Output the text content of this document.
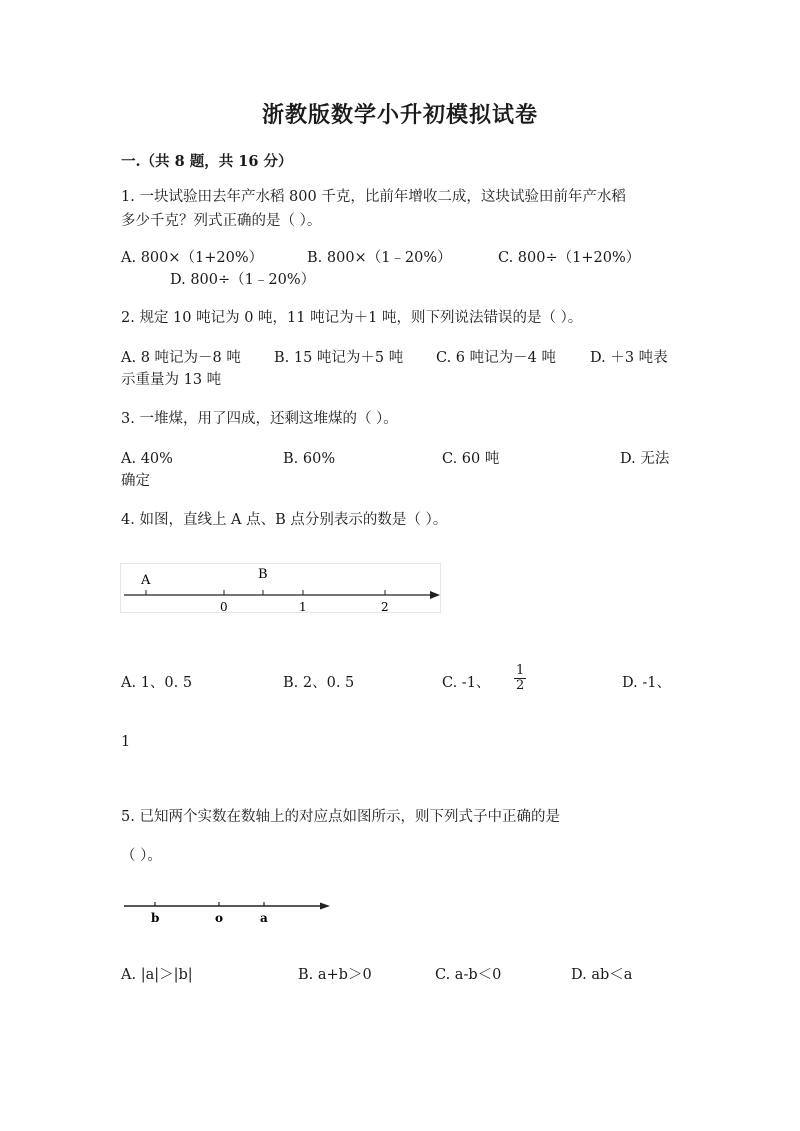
浙教版数学小升初模拟试卷
一.（共 8 题，共 16 分）
1. 一块试验田去年产水稻 800 千克，比前年增收二成，这块试验田前年产水稻
多少千克？列式正确的是（ ）。
A. 800×（1+20%）	B. 800×（1﹣20%）	C. 800÷（1+20%）
D. 800÷（1﹣20%）
2. 规定 10 吨记为 0 吨，11 吨记为＋1 吨，则下列说法错误的是（ ）。
A. 8 吨记为－8 吨 B. 15 吨记为＋5 吨 C. 6 吨记为－4 吨 D. ＋3 吨表
示重量为 13 吨
3. 一堆煤，用了四成，还剩这堆煤的（ ）。
A. 40%	B. 60%	C. 60 吨	D. 无法
确定
4. 如图，直线上 A 点、B 点分别表示的数是（ ）。
A	B
0	1	2
A. 1、0. 5	B. 2、0. 5	C. -1、 $\frac{1}{2}$	D. -1、
1
5. 已知两个实数在数轴上的对应点如图所示，则下列式子中正确的是
（ ）。
b	o	a
A. |a|＞|b|	B. a+b＞0	C. a-b＜0	D. ab＜a
